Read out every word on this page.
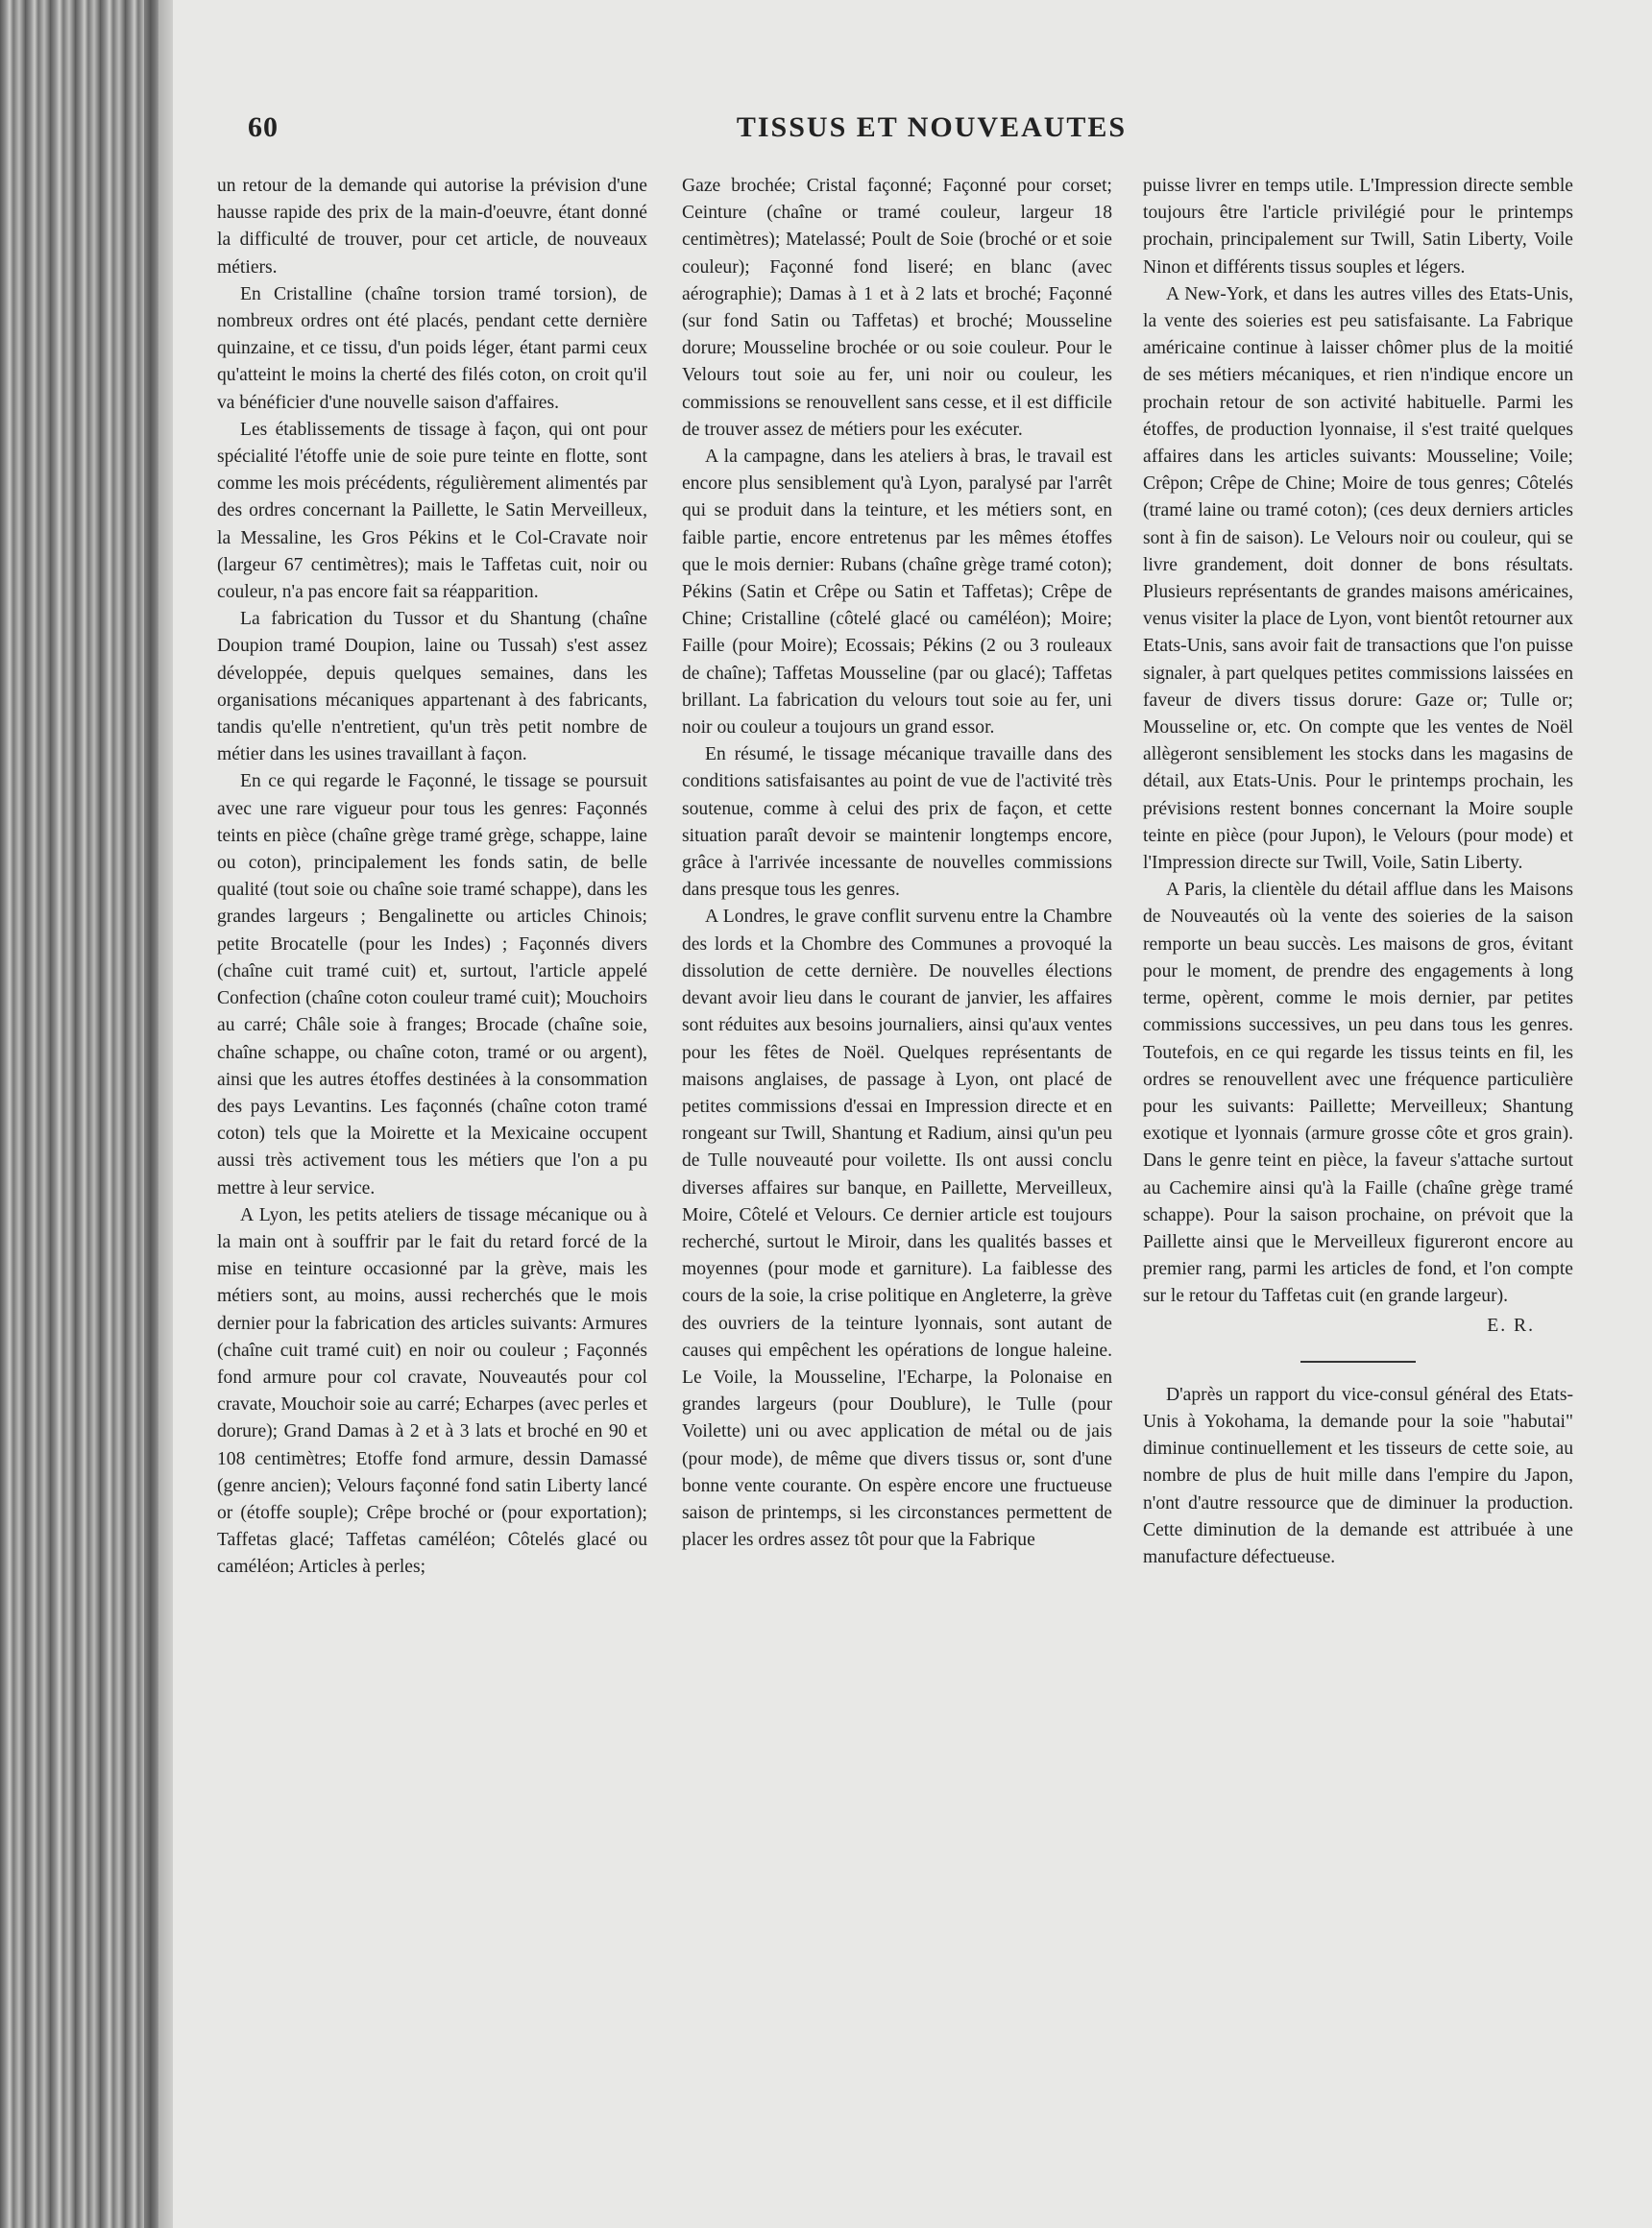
60	TISSUS ET NOUVEAUTES

un retour de la demande qui autorise la prévision d'une hausse rapide des prix de la main-d'oeuvre, étant donné la difficulté de trouver, pour cet article, de nouveaux métiers.

En Cristalline (chaîne torsion tramé torsion), de nombreux ordres ont été placés, pendant cette dernière quinzaine, et ce tissu, d'un poids léger, étant parmi ceux qu'atteint le moins la cherté des filés coton, on croit qu'il va bénéficier d'une nouvelle saison d'affaires.

Les établissements de tissage à façon, qui ont pour spécialité l'étoffe unie de soie pure teinte en flotte, sont comme les mois précédents, régulièrement alimentés par des ordres concernant la Paillette, le Satin Merveilleux, la Messaline, les Gros Pékins et le Col-Cravate noir (largeur 67 centimètres); mais le Taffetas cuit, noir ou couleur, n'a pas encore fait sa réapparition.

La fabrication du Tussor et du Shantung (chaîne Doupion tramé Doupion, laine ou Tussah) s'est assez développée, depuis quelques semaines, dans les organisations mécaniques appartenant à des fabricants, tandis qu'elle n'entretient, qu'un très petit nombre de métier dans les usines travaillant à façon.

En ce qui regarde le Façonné, le tissage se poursuit avec une rare vigueur pour tous les genres: Façonnés teints en pièce (chaîne grège tramé grège, schappe, laine ou coton), principalement les fonds satin, de belle qualité (tout soie ou chaîne soie tramé schappe), dans les grandes largeurs ; Bengalinette ou articles Chinois; petite Brocatelle (pour les Indes) ; Façonnés divers (chaîne cuit tramé cuit) et, surtout, l'article appelé Confection (chaîne coton couleur tramé cuit); Mouchoirs au carré; Châle soie à franges; Brocade (chaîne soie, chaîne schappe, ou chaîne coton, tramé or ou argent), ainsi que les autres étoffes destinées à la consommation des pays Levantins. Les façonnés (chaîne coton tramé coton) tels que la Moirette et la Mexicaine occupent aussi très activement tous les métiers que l'on a pu mettre à leur service.

A Lyon, les petits ateliers de tissage mécanique ou à la main ont à souffrir par le fait du retard forcé de la mise en teinture occasionné par la grève, mais les métiers sont, au moins, aussi recherchés que le mois dernier pour la fabrication des articles suivants: Armures (chaîne cuit tramé cuit) en noir ou couleur ; Façonnés fond armure pour col cravate, Nouveautés pour col cravate, Mouchoir soie au carré; Echarpes (avec perles et dorure); Grand Damas à 2 et à 3 lats et broché en 90 et 108 centimètres; Etoffe fond armure, dessin Damassé (genre ancien); Velours façonné fond satin Liberty lancé or (étoffe souple); Crêpe broché or (pour exportation); Taffetas glacé; Taffetas caméléon; Côtelés glacé ou caméléon; Articles à perles;

Gaze brochée; Cristal façonné; Façonné pour corset; Ceinture (chaîne or tramé couleur, largeur 18 centimètres); Matelassé; Poult de Soie (broché or et soie couleur); Façonné fond liseré; en blanc (avec aérographie); Damas à 1 et à 2 lats et broché; Façonné (sur fond Satin ou Taffetas) et broché; Mousseline dorure; Mousseline brochée or ou soie couleur. Pour le Velours tout soie au fer, uni noir ou couleur, les commissions se renouvellent sans cesse, et il est difficile de trouver assez de métiers pour les exécuter.

A la campagne, dans les ateliers à bras, le travail est encore plus sensiblement qu'à Lyon, paralysé par l'arrêt qui se produit dans la teinture, et les métiers sont, en faible partie, encore entretenus par les mêmes étoffes que le mois dernier: Rubans (chaîne grège tramé coton); Pékins (Satin et Crêpe ou Satin et Taffetas); Crêpe de Chine; Cristalline (côtelé glacé ou caméléon); Moire; Faille (pour Moire); Ecossais; Pékins (2 ou 3 rouleaux de chaîne); Taffetas Mousseline (par ou glacé); Taffetas brillant. La fabrication du velours tout soie au fer, uni noir ou couleur a toujours un grand essor.

En résumé, le tissage mécanique travaille dans des conditions satisfaisantes au point de vue de l'activité très soutenue, comme à celui des prix de façon, et cette situation paraît devoir se maintenir longtemps encore, grâce à l'arrivée incessante de nouvelles commissions dans presque tous les genres.

A Londres, le grave conflit survenu entre la Chambre des lords et la Chombre des Communes a provoqué la dissolution de cette dernière. De nouvelles élections devant avoir lieu dans le courant de janvier, les affaires sont réduites aux besoins journaliers, ainsi qu'aux ventes pour les fêtes de Noël. Quelques représentants de maisons anglaises, de passage à Lyon, ont placé de petites commissions d'essai en Impression directe et en rongeant sur Twill, Shantung et Radium, ainsi qu'un peu de Tulle nouveauté pour voilette. Ils ont aussi conclu diverses affaires sur banque, en Paillette, Merveilleux, Moire, Côtelé et Velours. Ce dernier article est toujours recherché, surtout le Miroir, dans les qualités basses et moyennes (pour mode et garniture). La faiblesse des cours de la soie, la crise politique en Angleterre, la grève des ouvriers de la teinture lyonnais, sont autant de causes qui empêchent les opérations de longue haleine. Le Voile, la Mousseline, l'Echarpe, la Polonaise en grandes largeurs (pour Doublure), le Tulle (pour Voilette) uni ou avec application de métal ou de jais (pour mode), de même que divers tissus or, sont d'une bonne vente courante. On espère encore une fructueuse saison de printemps, si les circonstances permettent de placer les ordres assez tôt pour que la Fabrique

puisse livrer en temps utile. L'Impression directe semble toujours être l'article privilégié pour le printemps prochain, principalement sur Twill, Satin Liberty, Voile Ninon et différents tissus souples et légers.

A New-York, et dans les autres villes des Etats-Unis, la vente des soieries est peu satisfaisante. La Fabrique américaine continue à laisser chômer plus de la moitié de ses métiers mécaniques, et rien n'indique encore un prochain retour de son activité habituelle. Parmi les étoffes, de production lyonnaise, il s'est traité quelques affaires dans les articles suivants: Mousseline; Voile; Crêpon; Crêpe de Chine; Moire de tous genres; Côtelés (tramé laine ou tramé coton); (ces deux derniers articles sont à fin de saison). Le Velours noir ou couleur, qui se livre grandement, doit donner de bons résultats. Plusieurs représentants de grandes maisons américaines, venus visiter la place de Lyon, vont bientôt retourner aux Etats-Unis, sans avoir fait de transactions que l'on puisse signaler, à part quelques petites commissions laissées en faveur de divers tissus dorure: Gaze or; Tulle or; Mousseline or, etc. On compte que les ventes de Noël allègeront sensiblement les stocks dans les magasins de détail, aux Etats-Unis. Pour le printemps prochain, les prévisions restent bonnes concernant la Moire souple teinte en pièce (pour Jupon), le Velours (pour mode) et l'Impression directe sur Twill, Voile, Satin Liberty.

A Paris, la clientèle du détail afflue dans les Maisons de Nouveautés où la vente des soieries de la saison remporte un beau succès. Les maisons de gros, évitant pour le moment, de prendre des engagements à long terme, opèrent, comme le mois dernier, par petites commissions successives, un peu dans tous les genres. Toutefois, en ce qui regarde les tissus teints en fil, les ordres se renouvellent avec une fréquence particulière pour les suivants: Paillette; Merveilleux; Shantung exotique et lyonnais (armure grosse côte et gros grain). Dans le genre teint en pièce, la faveur s'attache surtout au Cachemire ainsi qu'à la Faille (chaîne grège tramé schappe). Pour la saison prochaine, on prévoit que la Paillette ainsi que le Merveilleux figureront encore au premier rang, parmi les articles de fond, et l'on compte sur le retour du Taffetas cuit (en grande largeur).

E. R.

D'après un rapport du vice-consul général des Etats-Unis à Yokohama, la demande pour la soie "habutai" diminue continuellement et les tisseurs de cette soie, au nombre de plus de huit mille dans l'empire du Japon, n'ont d'autre ressource que de diminuer la production. Cette diminution de la demande est attribuée à une manufacture défectueuse.
